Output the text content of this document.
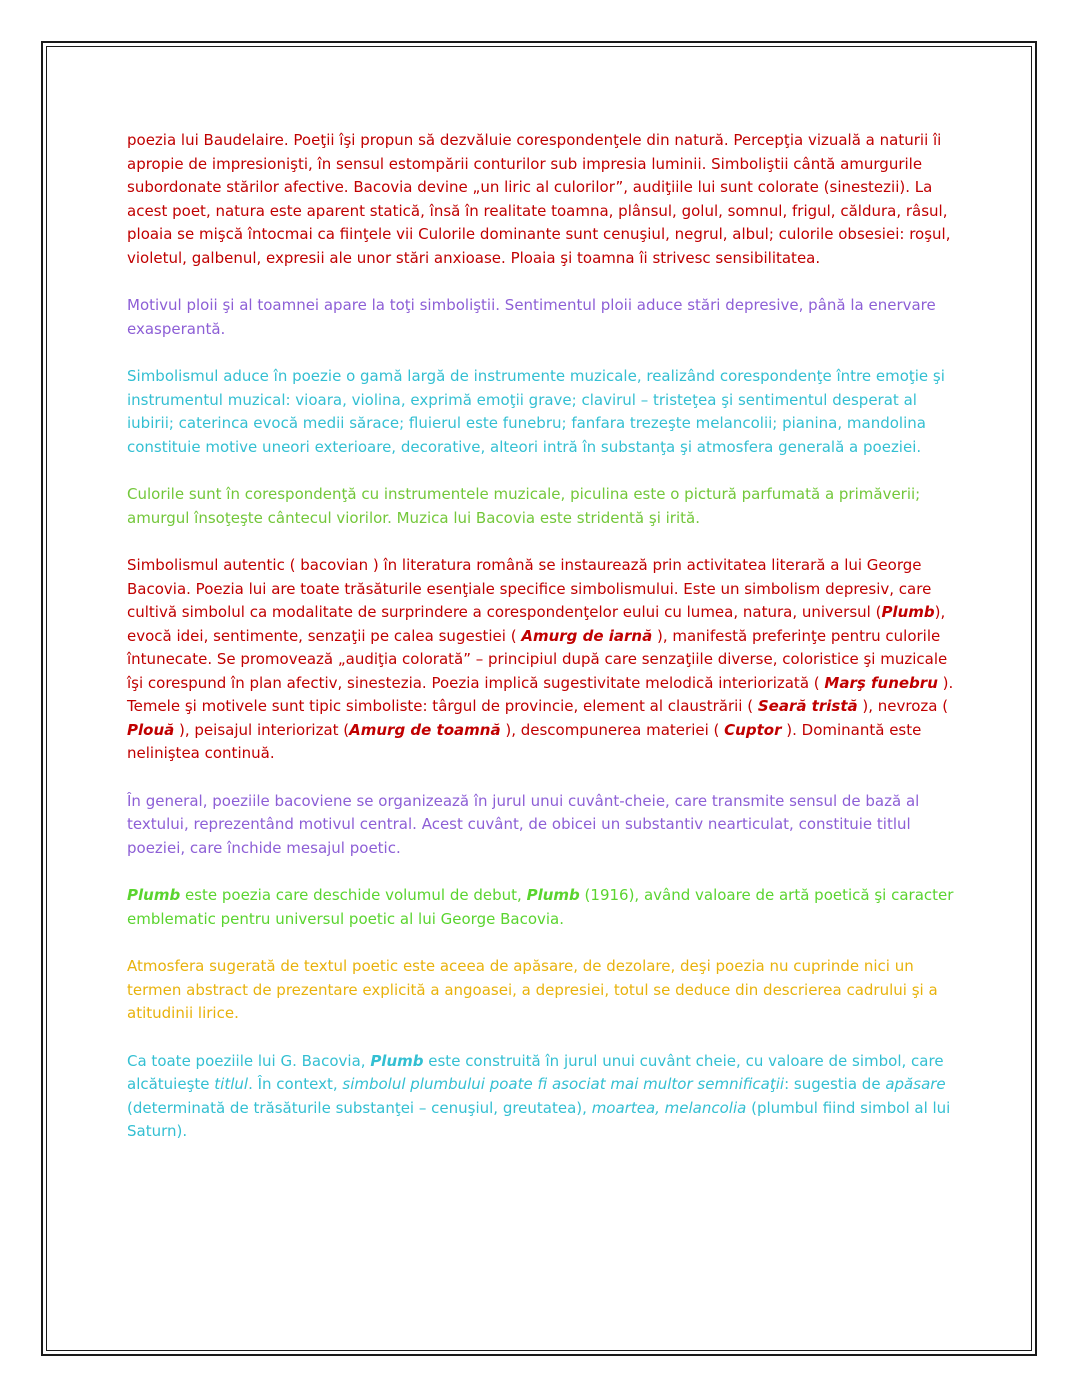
poezia lui Baudelaire. Poeţii îşi propun să dezvăluie corespondenţele din natură. Percepţia vizuală a naturii îi apropie de impresionişti, în sensul estompării conturilor sub impresia luminii. Simboliştii cântă amurgurile subordonate stărilor afective. Bacovia devine „un liric al culorilor”, audiţiile lui sunt colorate (sinestezii). La acest poet, natura este aparent statică, însă în realitate toamna, plânsul, golul, somnul, frigul, căldura, râsul, ploaia se mişcă întocmai ca fiinţele vii Culorile dominante sunt cenuşiul, negrul, albul; culorile obsesiei: roşul, violetul, galbenul, expresii ale unor stări anxioase. Ploaia şi toamna îi strivesc sensibilitatea.

Motivul ploii şi al toamnei apare la toţi simboliştii. Sentimentul ploii aduce stări depresive, până la enervare exasperantă.

Simbolismul aduce în poezie o gamă largă de instrumente muzicale, realizând corespondenţe între emoţie şi instrumentul muzical: vioara, violina, exprimă emoţii grave; clavirul – tristeţea şi sentimentul desperat al iubirii; caterinca evocă medii sărace; fluierul este funebru; fanfara trezeşte melancolii; pianina, mandolina constituie motive uneori exterioare, decorative, alteori intră în substanţa şi atmosfera generală a poeziei.

Culorile sunt în corespondenţă cu instrumentele muzicale, piculina este o pictură parfumată a primăverii; amurgul însoţeşte cântecul viorilor. Muzica lui Bacovia este stridentă şi irită.

Simbolismul autentic ( bacovian ) în literatura română se instaurează prin activitatea literară a lui George Bacovia. Poezia lui are toate trăsăturile esenţiale specifice simbolismului. Este un simbolism depresiv, care cultivă simbolul ca modalitate de surprindere a corespondenţelor eului cu lumea, natura, universul (Plumb), evocă idei, sentimente, senzaţii pe calea sugestiei ( Amurg de iarnă ), manifestă preferinţe pentru culorile întunecate. Se promovează „audiţia colorată” – principiul după care senzaţiile diverse, coloristice şi muzicale îşi corespund în plan afectiv, sinestezia. Poezia implică sugestivitate melodică interiorizată ( Marş funebru ). Temele şi motivele sunt tipic simboliste: târgul de provincie, element al claustrării ( Seară tristă ), nevroza ( Plouă ), peisajul interiorizat (Amurg de toamnă ), descompunerea materiei ( Cuptor ). Dominantă este neliniştea continuă.

În general, poeziile bacoviene se organizează în jurul unui cuvânt-cheie, care transmite sensul de bază al textului, reprezentând motivul central. Acest cuvânt, de obicei un substantiv nearticulat, constituie titlul poeziei, care închide mesajul poetic.

Plumb este poezia care deschide volumul de debut, Plumb (1916), având valoare de artă poetică şi caracter emblematic pentru universul poetic al lui George Bacovia.

Atmosfera sugerată de textul poetic este aceea de apăsare, de dezolare, deşi poezia nu cuprinde nici un termen abstract de prezentare explicită a angoasei, a depresiei, totul se deduce din descrierea cadrului şi a atitudinii lirice.

Ca toate poeziile lui G. Bacovia, Plumb este construită în jurul unui cuvânt cheie, cu valoare de simbol, care alcătuieşte titlul. În context, simbolul plumbului poate fi asociat mai multor semnificaţii: sugestia de apăsare (determinată de trăsăturile substanţei – cenuşiul, greutatea), moartea, melancolia (plumbul fiind simbol al lui Saturn).
